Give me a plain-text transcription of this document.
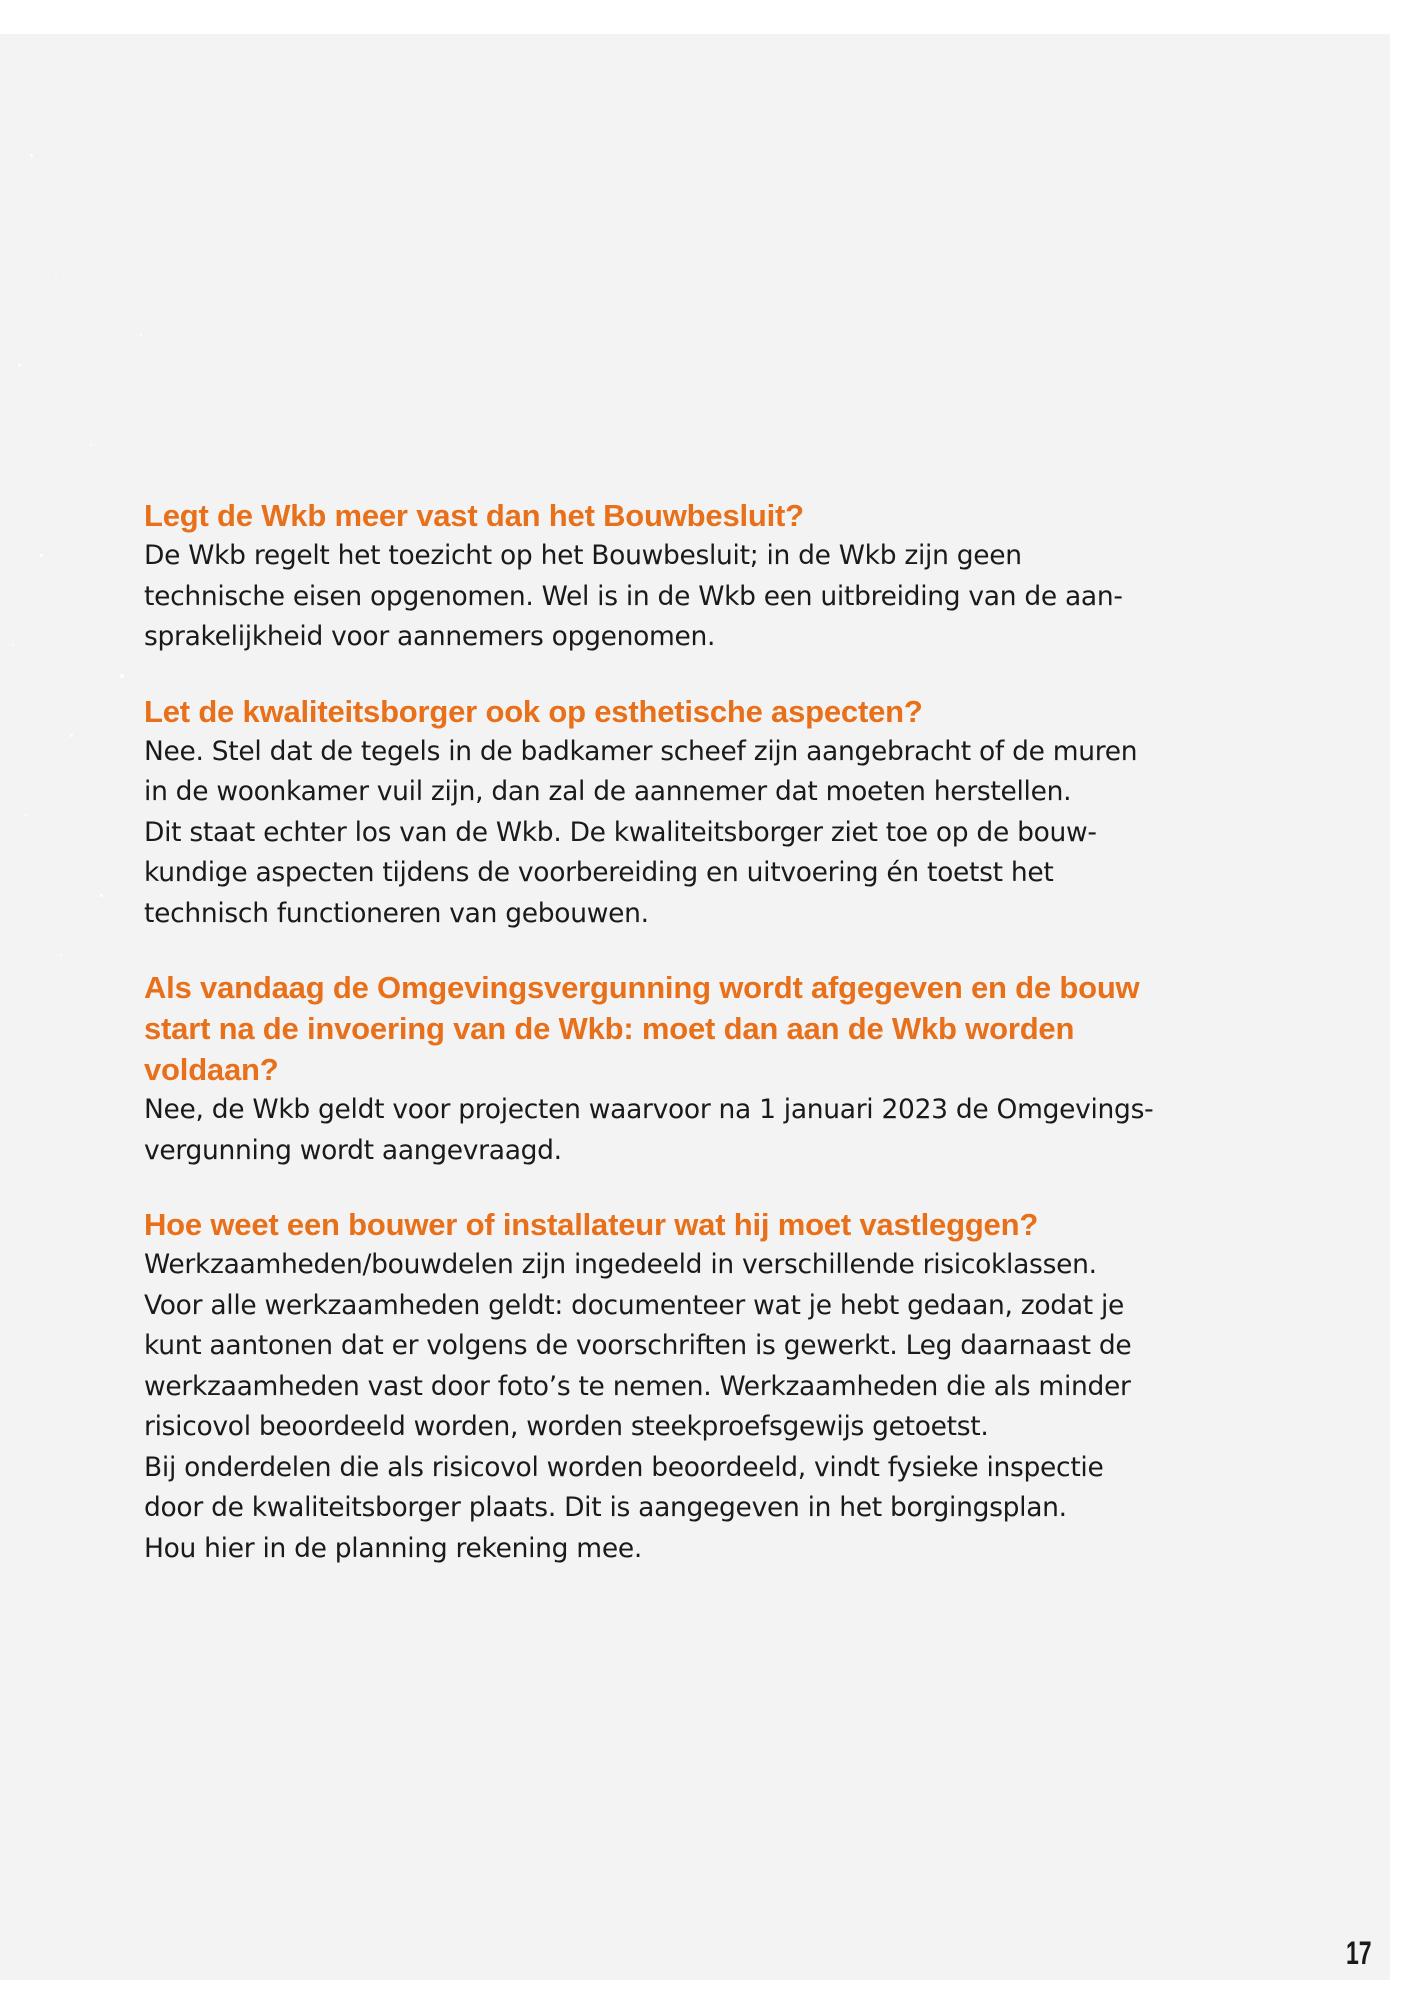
Legt de Wkb meer vast dan het Bouwbesluit?

De Wkb regelt het toezicht op het Bouwbesluit; in de Wkb zijn geen
technische eisen opgenomen. Wel is in de Wkb een uitbreiding van de aan-
sprakelijkheid voor aannemers opgenomen.

Let de kwaliteitsborger ook op esthetische aspecten?

Nee. Stel dat de tegels in de badkamer scheef zijn aangebracht of de muren
in de woonkamer vuil zijn, dan zal de aannemer dat moeten herstellen.
Dit staat echter los van de Wkb. De kwaliteitsborger ziet toe op de bouw-
kundige aspecten tijdens de voorbereiding en uitvoering én toetst het
technisch functioneren van gebouwen.

Als vandaag de Omgevingsvergunning wordt afgegeven en de bouw
start na de invoering van de Wkb: moet dan aan de Wkb worden
voldaan?

Nee, de Wkb geldt voor projecten waarvoor na 1 januari 2023 de Omgevings-
vergunning wordt aangevraagd.

Hoe weet een bouwer of installateur wat hij moet vastleggen?

Werkzaamheden/bouwdelen zijn ingedeeld in verschillende risicoklassen.
Voor alle werkzaamheden geldt: documenteer wat je hebt gedaan, zodat je
kunt aantonen dat er volgens de voorschriften is gewerkt. Leg daarnaast de
werkzaamheden vast door foto’s te nemen. Werkzaamheden die als minder
risicovol beoordeeld worden, worden steekproefsgewijs getoetst.
Bij onderdelen die als risicovol worden beoordeeld, vindt fysieke inspectie
door de kwaliteitsborger plaats. Dit is aangegeven in het borgingsplan.
Hou hier in de planning rekening mee.

17
